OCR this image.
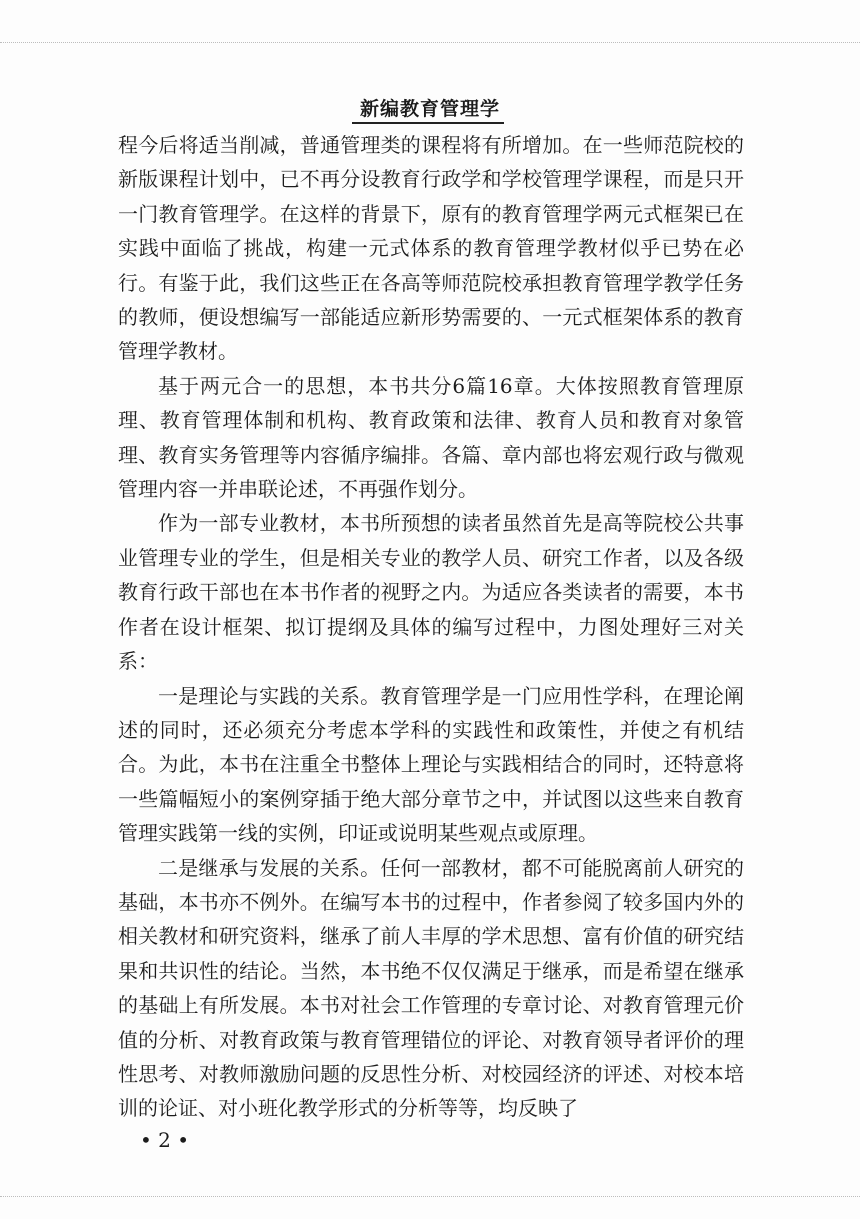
新编教育管理学

程今后将适当削减，普通管理类的课程将有所增加。在一些师范院校的新版课程计划中，已不再分设教育行政学和学校管理学课程，而是只开一门教育管理学。在这样的背景下，原有的教育管理学两元式框架已在实践中面临了挑战，构建一元式体系的教育管理学教材似乎已势在必行。有鉴于此，我们这些正在各高等师范院校承担教育管理学教学任务的教师，便设想编写一部能适应新形势需要的、一元式框架体系的教育管理学教材。

基于两元合一的思想，本书共分6篇16章。大体按照教育管理原理、教育管理体制和机构、教育政策和法律、教育人员和教育对象管理、教育实务管理等内容循序编排。各篇、章内部也将宏观行政与微观管理内容一并串联论述，不再强作划分。

作为一部专业教材，本书所预想的读者虽然首先是高等院校公共事业管理专业的学生，但是相关专业的教学人员、研究工作者，以及各级教育行政干部也在本书作者的视野之内。为适应各类读者的需要，本书作者在设计框架、拟订提纲及具体的编写过程中，力图处理好三对关系：

一是理论与实践的关系。教育管理学是一门应用性学科，在理论阐述的同时，还必须充分考虑本学科的实践性和政策性，并使之有机结合。为此，本书在注重全书整体上理论与实践相结合的同时，还特意将一些篇幅短小的案例穿插于绝大部分章节之中，并试图以这些来自教育管理实践第一线的实例，印证或说明某些观点或原理。

二是继承与发展的关系。任何一部教材，都不可能脱离前人研究的基础，本书亦不例外。在编写本书的过程中，作者参阅了较多国内外的相关教材和研究资料，继承了前人丰厚的学术思想、富有价值的研究结果和共识性的结论。当然，本书绝不仅仅满足于继承，而是希望在继承的基础上有所发展。本书对社会工作管理的专章讨论、对教育管理元价值的分析、对教育政策与教育管理错位的评论、对教育领导者评价的理性思考、对教师激励问题的反思性分析、对校园经济的评述、对校本培训的论证、对小班化教学形式的分析等等，均反映了

• 2 •
